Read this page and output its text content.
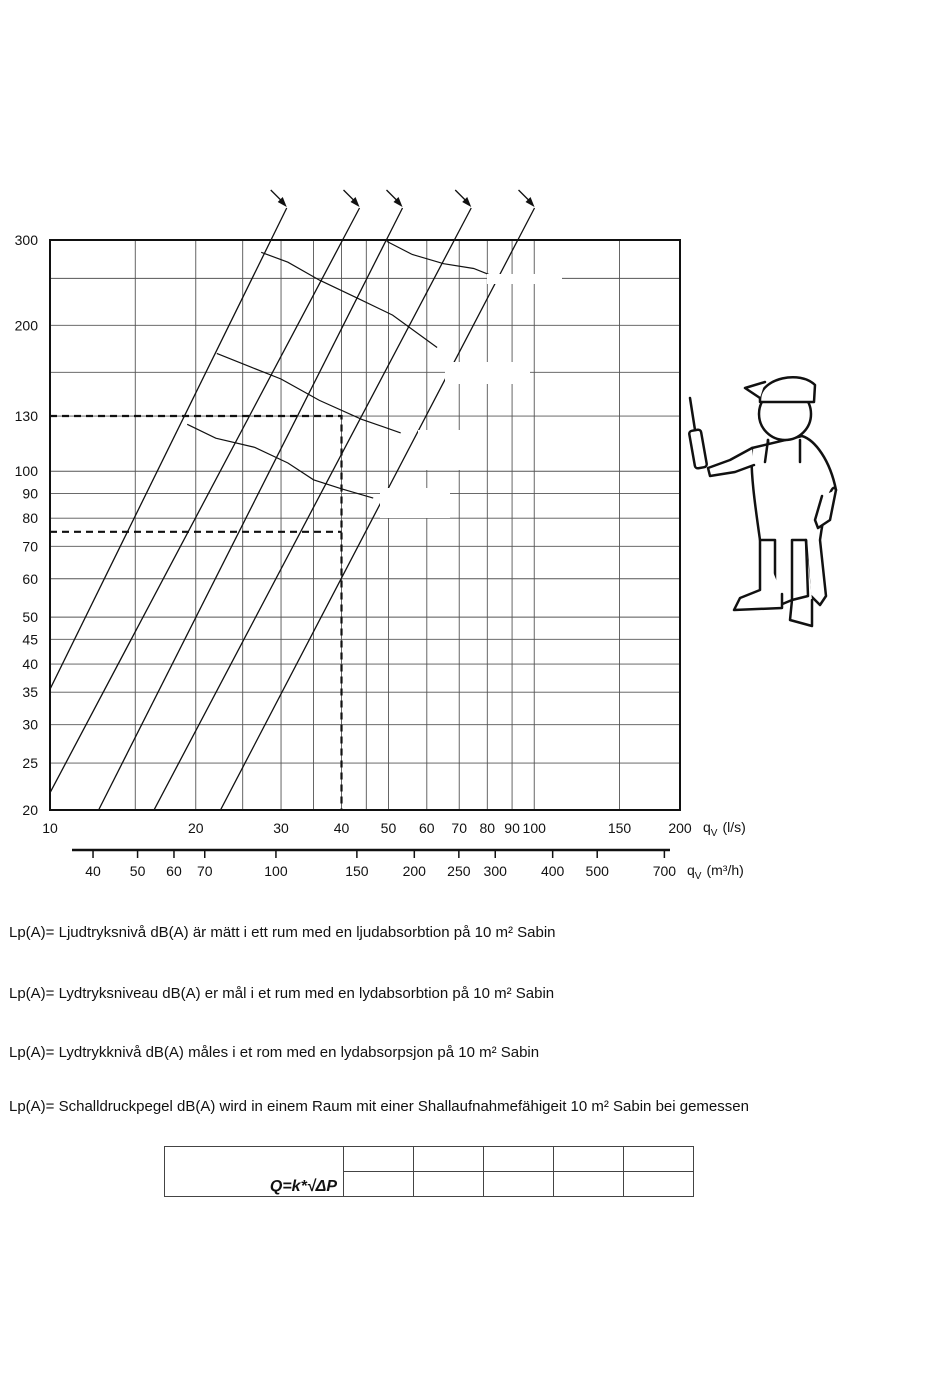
20
25
30
35
40
45
50
60
70
80
90
100
130
200
300
10	20	30	40 50 60 70 80 90 100	150	200
40 50 60 70	100	150 200 250 300 400 500	700
$q_V$ (l/s)
$q_V$ (m³/h)
Lp(A)= Ljudtryksnivå dB(A) är mätt i ett rum med en ljudabsorbtion på 10 m² Sabin
Lp(A)= Lydtryksniveau dB(A) er mål i et rum med en lydabsorbtion på 10 m² Sabin
Lp(A)= Lydtrykknivå dB(A) måles i et rom med en lydabsorpsjon på 10 m² Sabin
Lp(A)= Schalldruckpegel dB(A) wird in einem Raum mit einer Shallaufnahmefähigeit 10 m² Sabin bei gemessen
Q=k*√ΔP					
